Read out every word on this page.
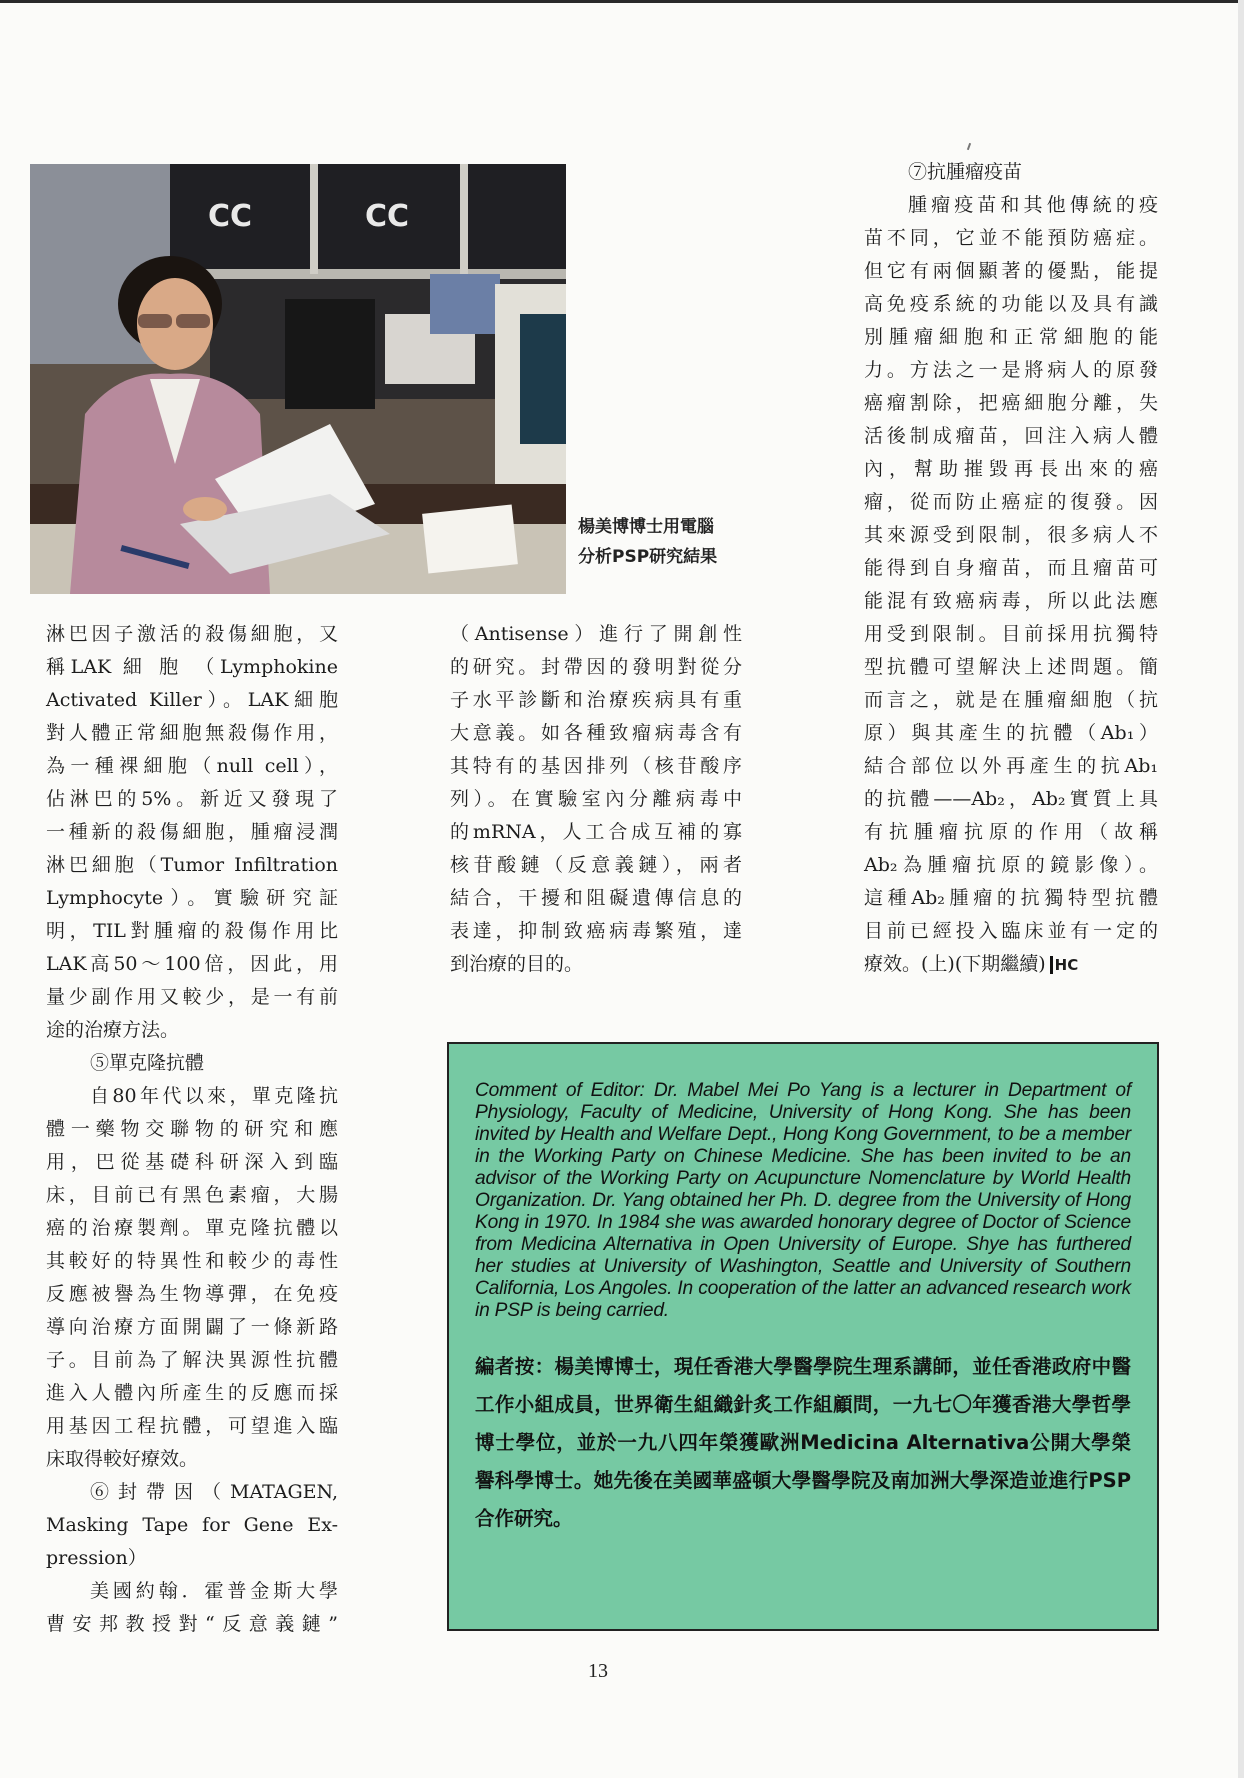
CC	CC
楊美博博士用電腦
分析PSP研究結果
淋巴因子激活的殺傷細胞，又
稱LAK 細 胞 （Lymphokine
Activated Killer）。LAK細胞
對人體正常細胞無殺傷作用，
為一種裸細胞（null cell），
佔淋巴的5%。新近又發現了
一種新的殺傷細胞，腫瘤浸潤
淋巴細胞（Tumor Infiltration
Lymphocyte）。實驗研究証
明，TIL對腫瘤的殺傷作用比
LAK高50～100倍，因此，用
量少副作用又較少，是一有前
途的治療方法。
⑤單克隆抗體
自80年代以來，單克隆抗
體一藥物交聯物的研究和應
用，巴從基礎科研深入到臨
床，目前已有黑色素瘤，大腸
癌的治療製劑。單克隆抗體以
其較好的特異性和較少的毒性
反應被譽為生物導彈，在免疫
導向治療方面開闢了一條新路
子。目前為了解決異源性抗體
進入人體內所產生的反應而採
用基因工程抗體，可望進入臨
床取得較好療效。
⑥封帶因（MATAGEN,
Masking Tape for Gene Ex-
pression）
美國約翰．霍普金斯大學
曹安邦教授對“反意義鏈”
（Antisense）進行了開創性
的研究。封帶因的發明對從分
子水平診斷和治療疾病具有重
大意義。如各種致瘤病毒含有
其特有的基因排列（核苷酸序
列）。在實驗室內分離病毒中
的mRNA，人工合成互補的寡
核苷酸鏈（反意義鏈），兩者
結合，干擾和阻礙遺傳信息的
表達，抑制致癌病毒繁殖，達
到治療的目的。
⑦抗腫瘤疫苗
腫瘤疫苗和其他傳統的疫
苗不同，它並不能預防癌症。
但它有兩個顯著的優點，能提
高免疫系統的功能以及具有識
別腫瘤細胞和正常細胞的能
力。方法之一是將病人的原發
癌瘤割除，把癌細胞分離，失
活後制成瘤苗，回注入病人體
內，幫助摧毀再長出來的癌
瘤，從而防止癌症的復發。因
其來源受到限制，很多病人不
能得到自身瘤苗，而且瘤苗可
能混有致癌病毒，所以此法應
用受到限制。目前採用抗獨特
型抗體可望解決上述問題。簡
而言之，就是在腫瘤細胞（抗
原）與其產生的抗體（Ab₁）
結合部位以外再產生的抗Ab₁
的抗體——Ab₂，Ab₂實質上具
有抗腫瘤抗原的作用（故稱
Ab₂為腫瘤抗原的鏡影像）。
這種Ab₂腫瘤的抗獨特型抗體
目前已經投入臨床並有一定的
療效。(上)(下期繼續) HC
Comment of Editor: Dr. Mabel Mei Po Yang is a lecturer in Department of Physiology, Faculty of Medicine, University of Hong Kong. She has been invited by Health and Welfare Dept., Hong Kong Government, to be a member in the Working Party on Chinese Medicine. She has been invited to be an advisor of the Working Party on Acupuncture Nomenclature by World Health Organization. Dr. Yang obtained her Ph. D. degree from the University of Hong Kong in 1970. In 1984 she was awarded honorary degree of Doctor of Science from Medicina Alternativa in Open University of Europe. Shye has furthered her studies at University of Washington, Seattle and University of Southern California, Los Angoles. In cooperation of the latter an advanced research work in PSP is being carried.
編者按：楊美博博士，現任香港大學醫學院生理系講師，並任香港政府中醫工作小組成員，世界衛生組織針炙工作組顧問，一九七〇年獲香港大學哲學博士學位，並於一九八四年榮獲歐洲Medicina Alternativa公開大學榮譽科學博士。她先後在美國華盛頓大學醫學院及南加洲大學深造並進行PSP合作研究。
13
